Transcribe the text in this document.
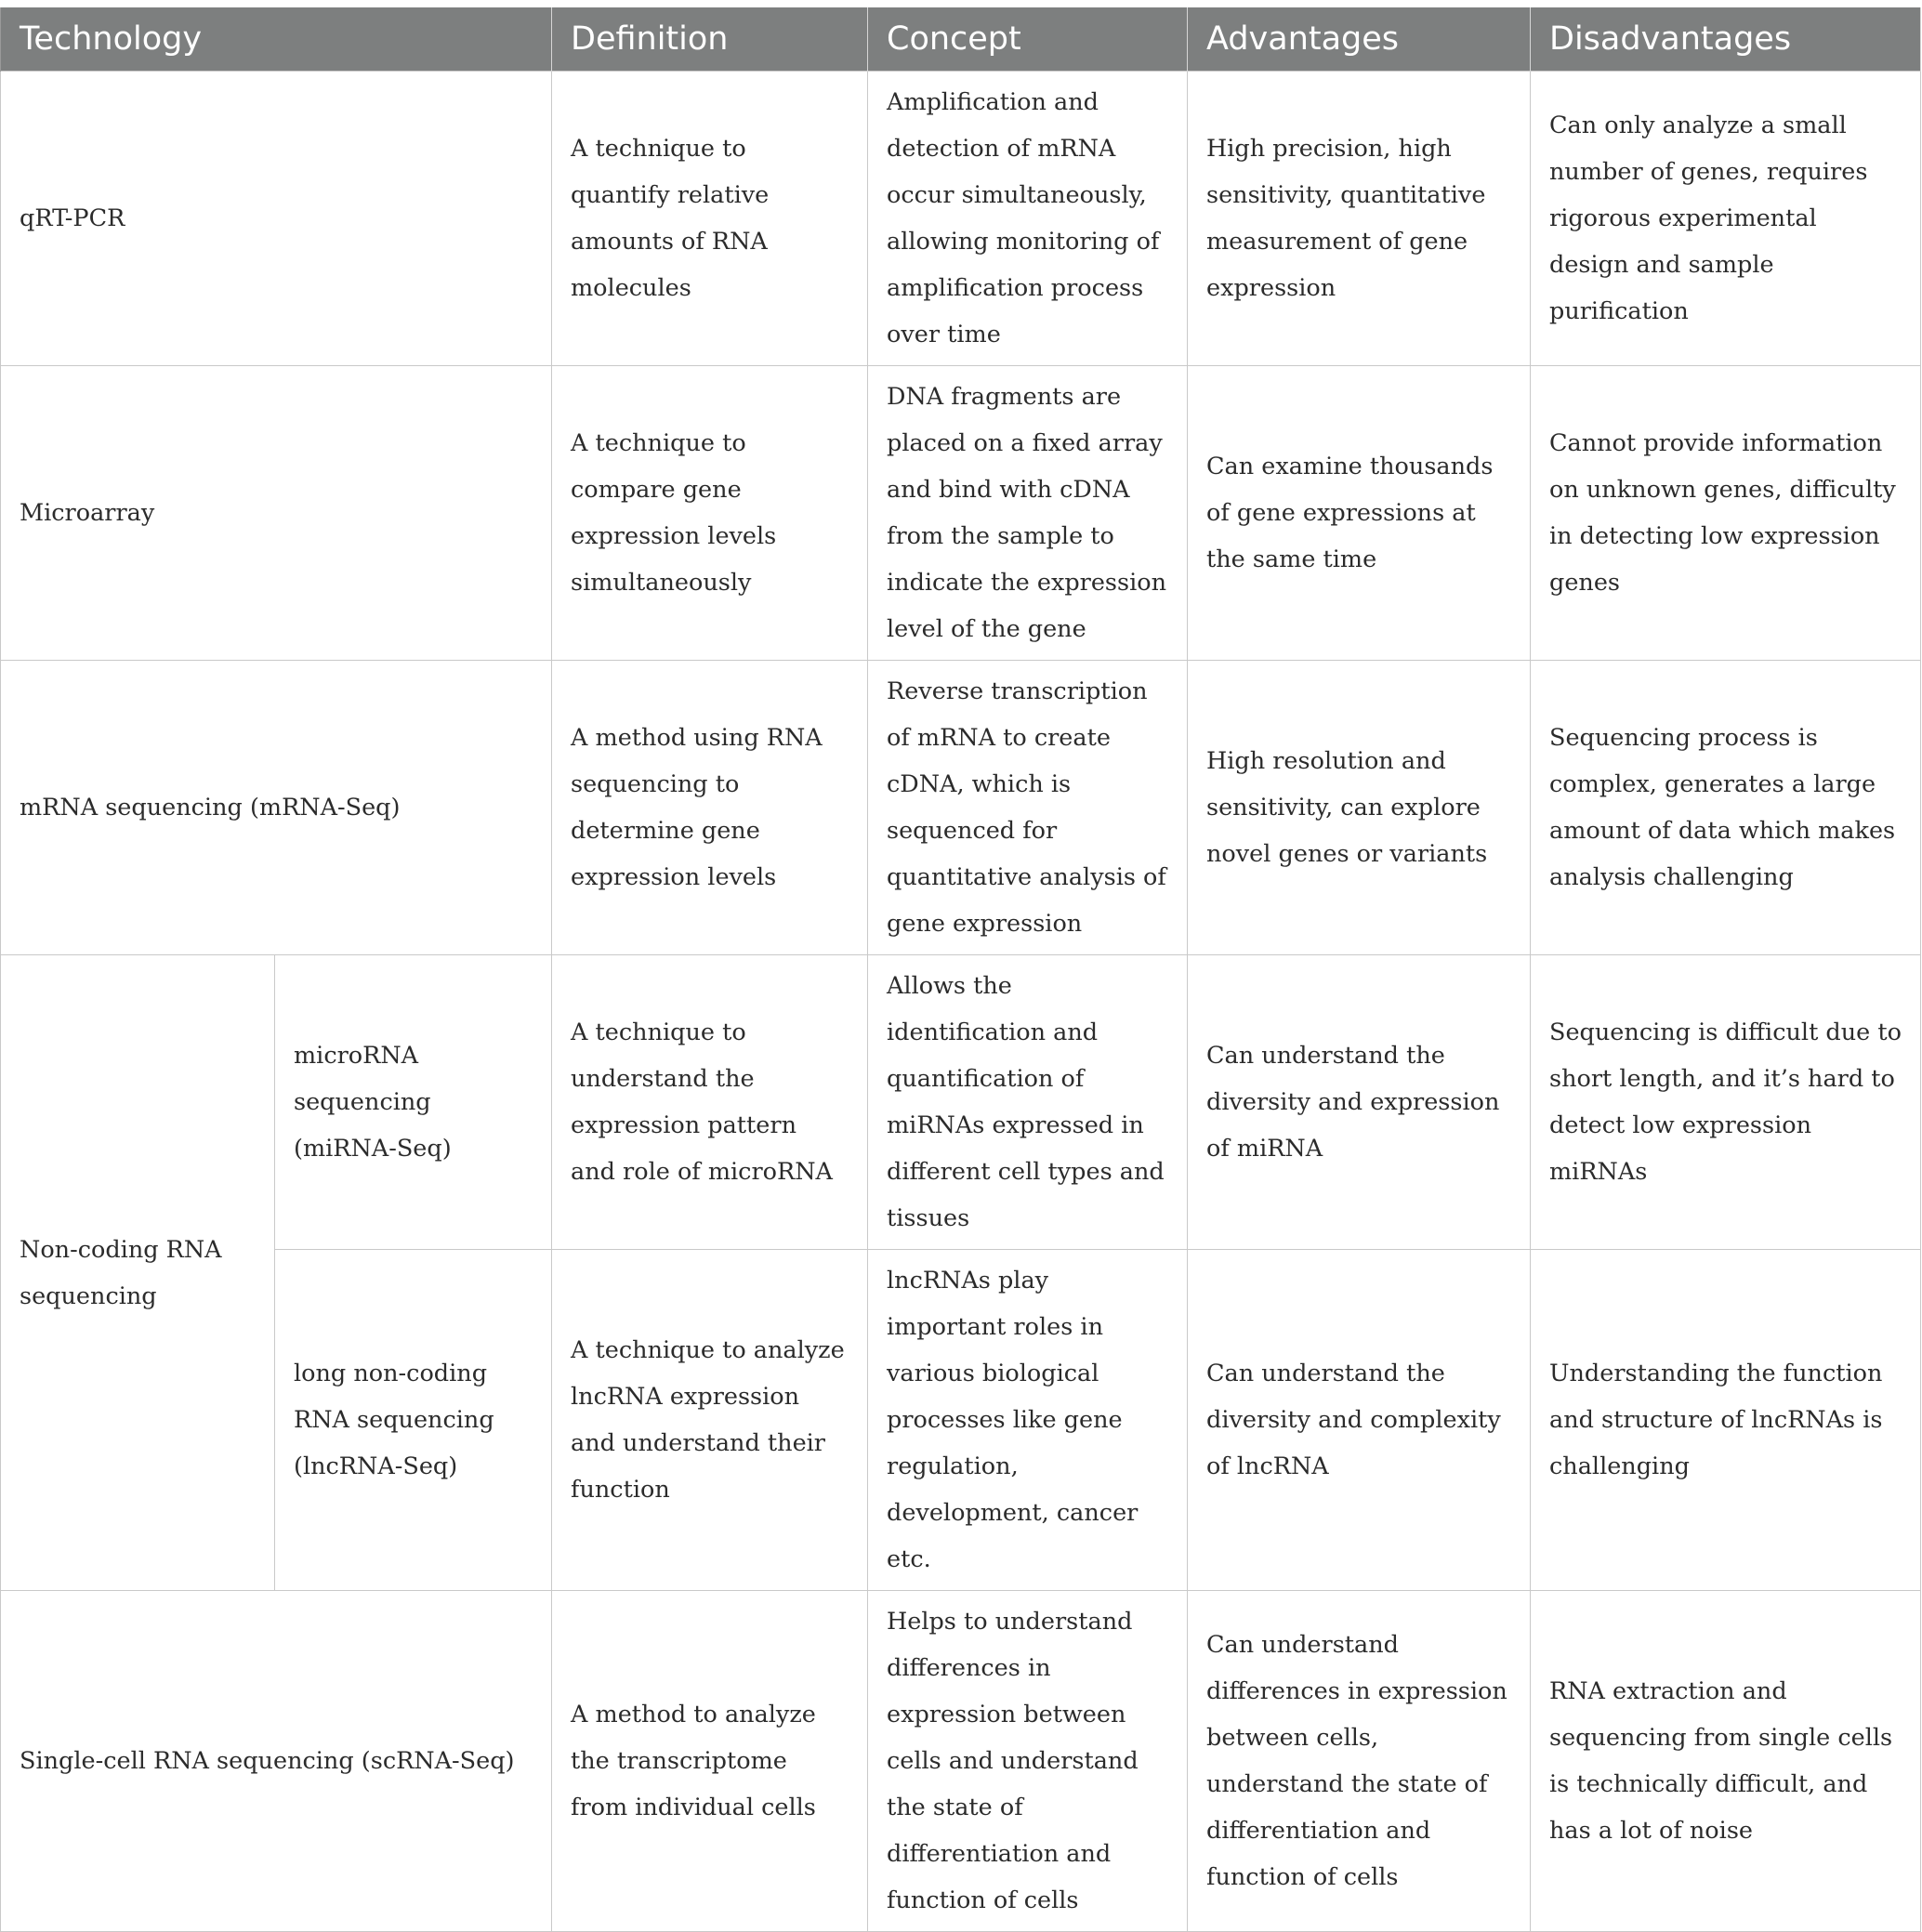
Technology		Definition	Concept	Advantages	Disadvantages
qRT-PCR		A technique to quantify relative amounts of RNA molecules	Amplification and detection of mRNA occur simultaneously, allowing monitoring of amplification process over time	High precision, high sensitivity, quantitative measurement of gene expression	Can only analyze a small number of genes, requires rigorous experimental design and sample purification
Microarray		A technique to compare gene expression levels simultaneously	DNA fragments are placed on a fixed array and bind with cDNA from the sample to indicate the expression level of the gene	Can examine thousands of gene expressions at the same time	Cannot provide information on unknown genes, difficulty in detecting low expression genes
mRNA sequencing (mRNA-Seq)		A method using RNA sequencing to determine gene expression levels	Reverse transcription of mRNA to create cDNA, which is sequenced for quantitative analysis of gene expression	High resolution and sensitivity, can explore novel genes or variants	Sequencing process is complex, generates a large amount of data which makes analysis challenging
Non-coding RNA sequencing	microRNA sequencing (miRNA-Seq)	A technique to understand the expression pattern and role of microRNA	Allows the identification and quantification of miRNAs expressed in different cell types and tissues	Can understand the diversity and expression of miRNA	Sequencing is difficult due to short length, and it’s hard to detect low expression miRNAs
	long non-coding RNA sequencing (lncRNA-Seq)	A technique to analyze lncRNA expression and understand their function	lncRNAs play important roles in various biological processes like gene regulation, development, cancer etc.	Can understand the diversity and complexity of lncRNA	Understanding the function and structure of lncRNAs is challenging
Single-cell RNA sequencing (scRNA-Seq)		A method to analyze the transcriptome from individual cells	Helps to understand differences in expression between cells and understand the state of differentiation and function of cells	Can understand differences in expression between cells, understand the state of differentiation and function of cells	RNA extraction and sequencing from single cells is technically difficult, and has a lot of noise
